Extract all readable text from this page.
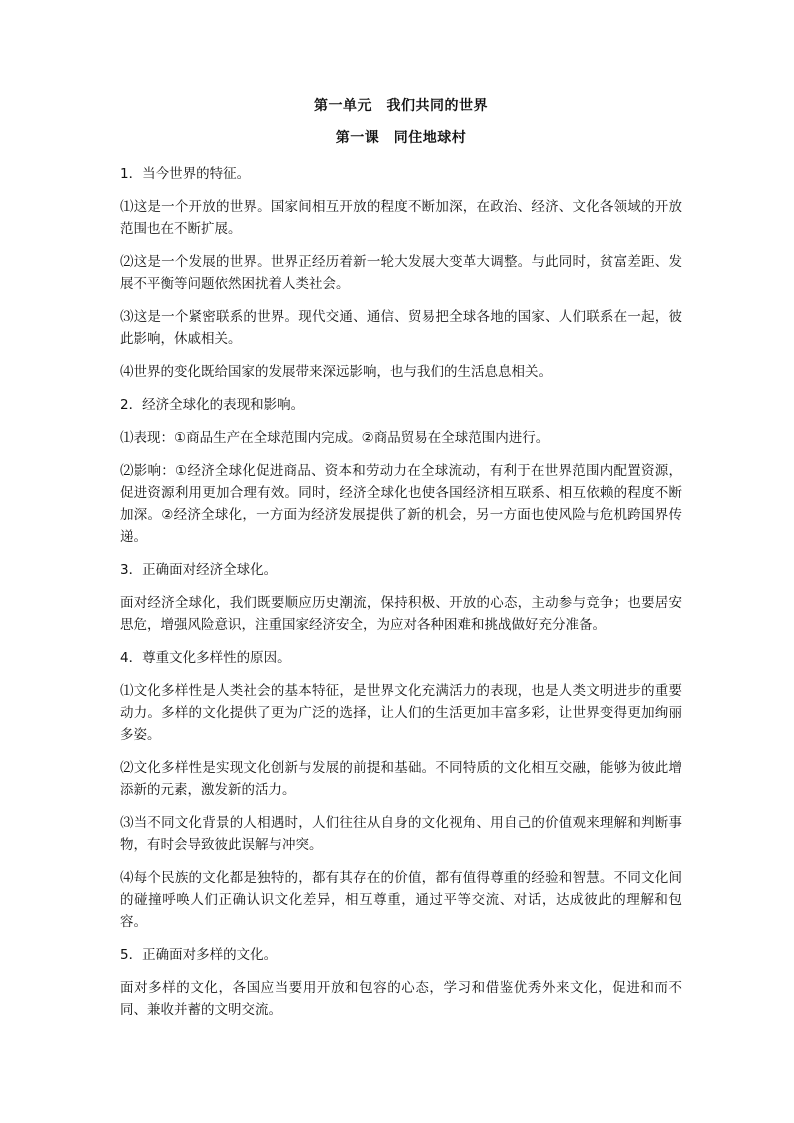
第一单元　我们共同的世界
第一课　同住地球村
1．当今世界的特征。
⑴这是一个开放的世界。国家间相互开放的程度不断加深，在政治、经济、文化各领域的开放范围也在不断扩展。
⑵这是一个发展的世界。世界正经历着新一轮大发展大变革大调整。与此同时，贫富差距、发展不平衡等问题依然困扰着人类社会。
⑶这是一个紧密联系的世界。现代交通、通信、贸易把全球各地的国家、人们联系在一起，彼此影响，休戚相关。
⑷世界的变化既给国家的发展带来深远影响，也与我们的生活息息相关。
2．经济全球化的表现和影响。
⑴表现：①商品生产在全球范围内完成。②商品贸易在全球范围内进行。
⑵影响：①经济全球化促进商品、资本和劳动力在全球流动，有利于在世界范围内配置资源，促进资源利用更加合理有效。同时，经济全球化也使各国经济相互联系、相互依赖的程度不断加深。②经济全球化，一方面为经济发展提供了新的机会，另一方面也使风险与危机跨国界传递。
3．正确面对经济全球化。
面对经济全球化，我们既要顺应历史潮流，保持积极、开放的心态，主动参与竞争；也要居安思危，增强风险意识，注重国家经济安全，为应对各种困难和挑战做好充分准备。
4．尊重文化多样性的原因。
⑴文化多样性是人类社会的基本特征，是世界文化充满活力的表现，也是人类文明进步的重要动力。多样的文化提供了更为广泛的选择，让人们的生活更加丰富多彩，让世界变得更加绚丽多姿。
⑵文化多样性是实现文化创新与发展的前提和基础。不同特质的文化相互交融，能够为彼此增添新的元素，激发新的活力。
⑶当不同文化背景的人相遇时，人们往往从自身的文化视角、用自己的价值观来理解和判断事物，有时会导致彼此误解与冲突。
⑷每个民族的文化都是独特的，都有其存在的价值，都有值得尊重的经验和智慧。不同文化间的碰撞呼唤人们正确认识文化差异，相互尊重，通过平等交流、对话，达成彼此的理解和包容。
5．正确面对多样的文化。
面对多样的文化，各国应当要用开放和包容的心态，学习和借鉴优秀外来文化，促进和而不同、兼收并蓄的文明交流。
